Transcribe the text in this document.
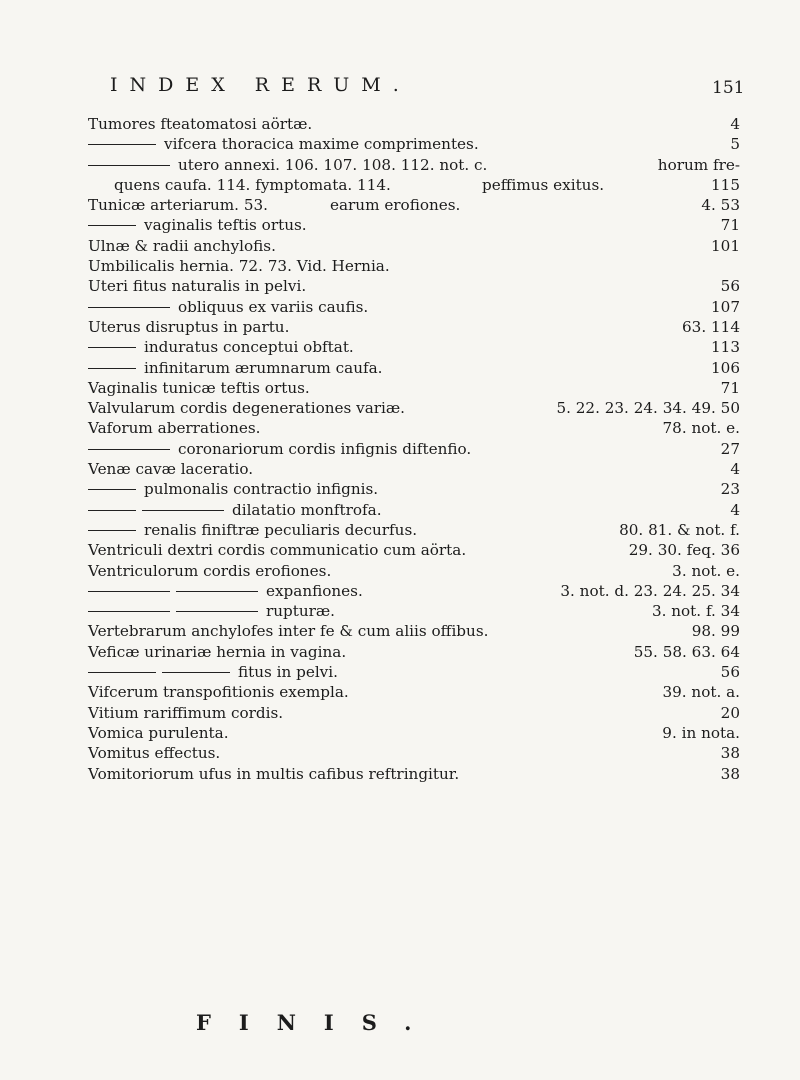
INDEX RERUM.	151
Tumores fteatomatosi aörtæ.	4
vifcera thoracica maxime comprimentes.	5
utero annexi. 106. 107. 108. 112. not. c.	horum fre-
quens caufa. 114. fymptomata. 114.	peffimus exitus.	115
Tunicæ arteriarum. 53.	earum erofiones.	4. 53
vaginalis teftis ortus.	71
Ulnæ & radii anchylofis.	101
Umbilicalis hernia. 72. 73. Vid. Hernia.
Uteri fitus naturalis in pelvi.	56
obliquus ex variis caufis.	107
Uterus disruptus in partu.	63. 114
induratus conceptui obftat.	113
infinitarum ærumnarum caufa.	106
Vaginalis tunicæ teftis ortus.	71
Valvularum cordis degenerationes variæ.	5. 22. 23. 24. 34. 49. 50
Vaforum aberrationes.	78. not. e.
coronariorum cordis infignis diftenfio.	27
Venæ cavæ laceratio.	4
pulmonalis contractio infignis.	23
dilatatio monftrofa.	4
renalis finiftræ peculiaris decurfus.	80. 81. & not. f.
Ventriculi dextri cordis communicatio cum aörta.	29. 30. feq. 36
Ventriculorum cordis erofiones.	3. not. e.
expanfiones.	3. not. d. 23. 24. 25. 34
rupturæ.	3. not. f. 34
Vertebrarum anchylofes inter fe & cum aliis offibus.	98. 99
Veficæ urinariæ hernia in vagina.	55. 58. 63. 64
fitus in pelvi.	56
Vifcerum transpofitionis exempla.	39. not. a.
Vitium rariffimum cordis.	20
Vomica purulenta.	9. in nota.
Vomitus effectus.	38
Vomitoriorum ufus in multis cafibus reftringitur.	38
FINIS.
